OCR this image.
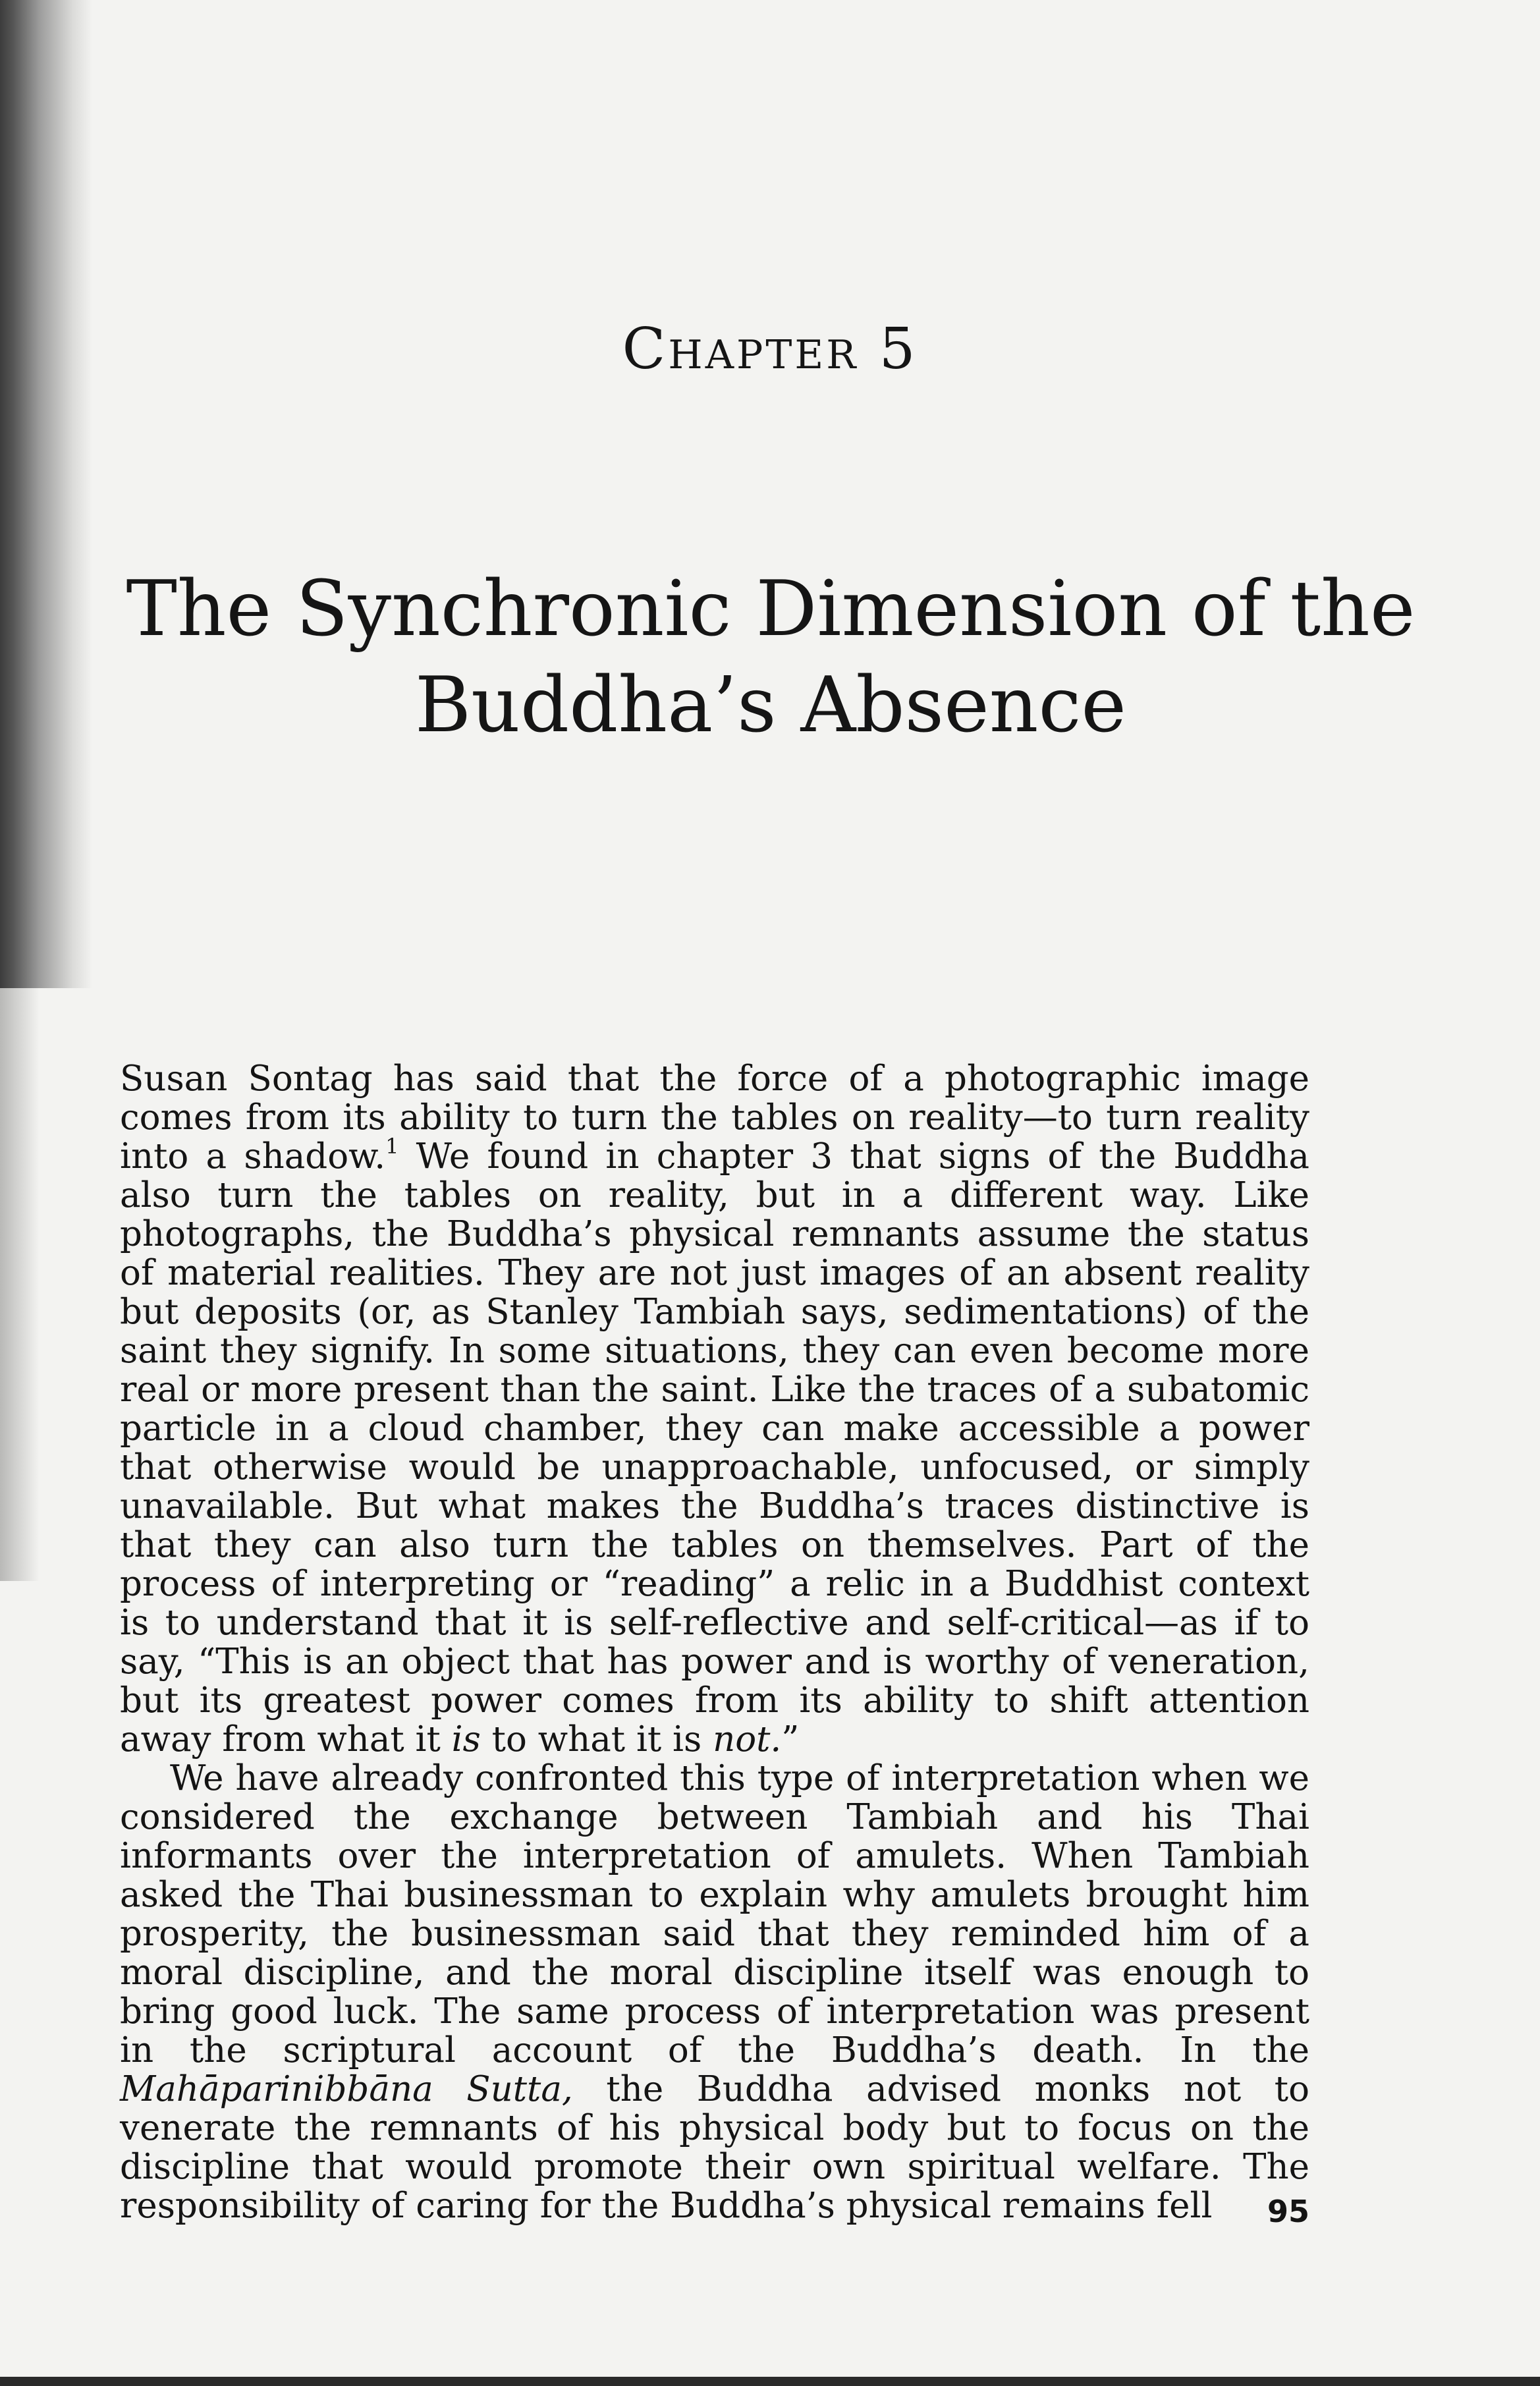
Chapter 5
The Synchronic Dimension of the
Buddha’s Absence

Susan Sontag has said that the force of a photographic image comes from its ability to turn the tables on reality—to turn reality into a shadow.$^1$ We found in chapter 3 that signs of the Buddha also turn the tables on reality, but in a different way. Like photographs, the Buddha’s physical remnants assume the status of material realities. They are not just images of an absent reality but deposits (or, as Stanley Tambiah says, sedimentations) of the saint they signify. In some situations, they can even become more real or more present than the saint. Like the traces of a subatomic particle in a cloud chamber, they can make accessible a power that otherwise would be unapproachable, unfocused, or simply unavailable. But what makes the Buddha’s traces distinctive is that they can also turn the tables on themselves. Part of the process of interpreting or “reading” a relic in a Buddhist context is to understand that it is self-reflective and self-critical—as if to say, “This is an object that has power and is worthy of veneration, but its greatest power comes from its ability to shift attention away from what it is to what it is not.”

We have already confronted this type of interpretation when we considered the exchange between Tambiah and his Thai informants over the interpretation of amulets. When Tambiah asked the Thai businessman to explain why amulets brought him prosperity, the businessman said that they reminded him of a moral discipline, and the moral discipline itself was enough to bring good luck. The same process of interpretation was present in the scriptural account of the Buddha’s death. In the Mahāparinibbāna Sutta, the Buddha advised monks not to venerate the remnants of his physical body but to focus on the discipline that would promote their own spiritual welfare. The responsibility of caring for the Buddha’s physical remains fell	95
